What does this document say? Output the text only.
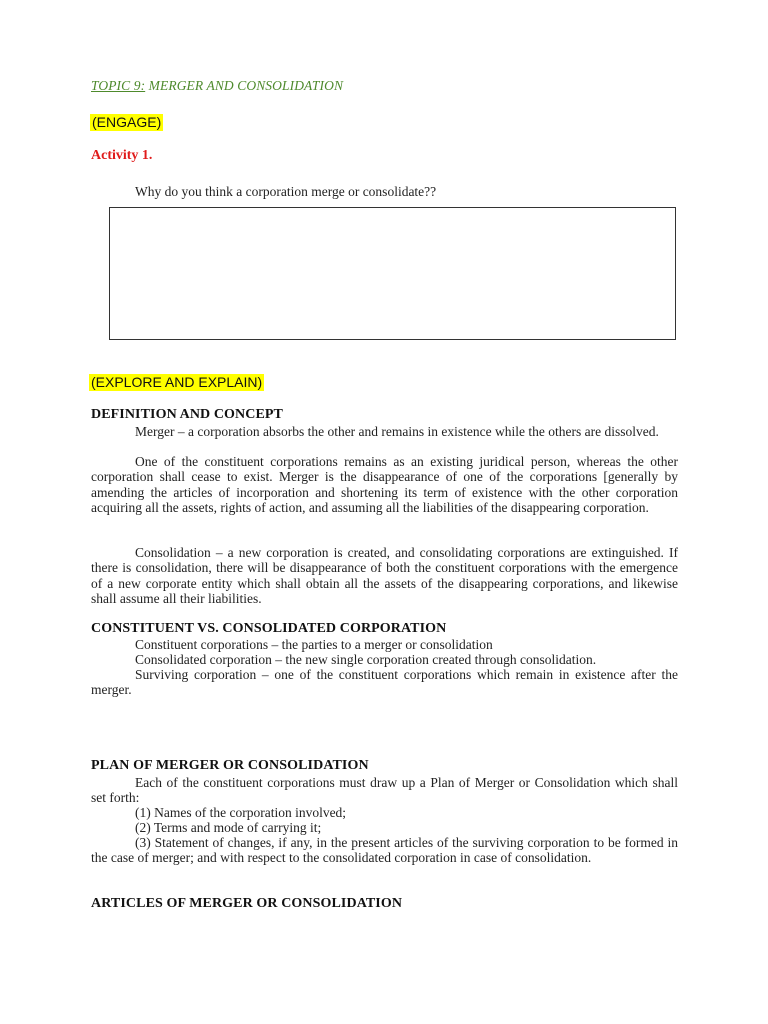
TOPIC 9: MERGER AND CONSOLIDATION
(ENGAGE)
Activity 1.
Why do you think a corporation merge or consolidate??
(EXPLORE AND EXPLAIN)
DEFINITION AND CONCEPT

Merger – a corporation absorbs the other and remains in existence while the others are dissolved.

One of the constituent corporations remains as an existing juridical person, whereas the other corporation shall cease to exist. Merger is the disappearance of one of the corporations [generally by amending the articles of incorporation and shortening its term of existence with the other corporation acquiring all the assets, rights of action, and assuming all the liabilities of the disappearing corporation.

Consolidation – a new corporation is created, and consolidating corporations are extinguished. If there is consolidation, there will be disappearance of both the constituent corporations with the emergence of a new corporate entity which shall obtain all the assets of the disappearing corporations, and likewise shall assume all their liabilities.

CONSTITUENT VS. CONSOLIDATED CORPORATION
Constituent corporations – the parties to a merger or consolidation
Consolidated corporation – the new single corporation created through consolidation.

Surviving corporation – one of the constituent corporations which remain in existence after the merger.

PLAN OF MERGER OR CONSOLIDATION

Each of the constituent corporations must draw up a Plan of Merger or Consolidation which shall set forth:

(1) Names of the corporation involved;
(2) Terms and mode of carrying it;

(3) Statement of changes, if any, in the present articles of the surviving corporation to be formed in the case of merger; and with respect to the consolidated corporation in case of consolidation.

ARTICLES OF MERGER OR CONSOLIDATION
